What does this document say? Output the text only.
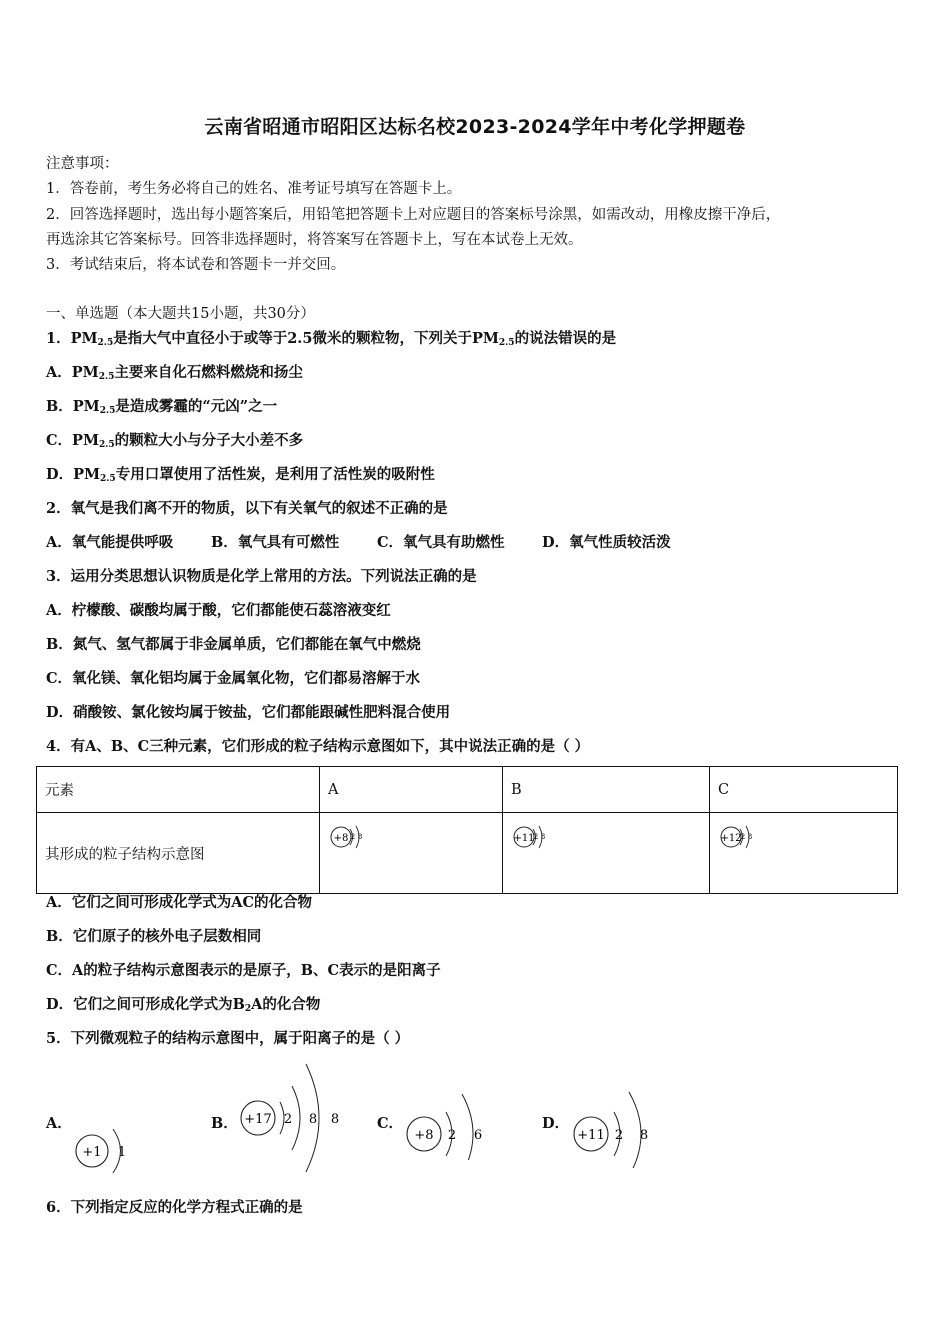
云南省昭通市昭阳区达标名校2023-2024学年中考化学押题卷
注意事项：
1．答卷前，考生务必将自己的姓名、准考证号填写在答题卡上。
2．回答选择题时，选出每小题答案后，用铅笔把答题卡上对应题目的答案标号涂黑，如需改动，用橡皮擦干净后，
再选涂其它答案标号。回答非选择题时，将答案写在答题卡上，写在本试卷上无效。
3．考试结束后，将本试卷和答题卡一并交回。
一、单选题（本大题共15小题，共30分）
1．$PM_{2.5}$是指大气中直径小于或等于2.5微米的颗粒物，下列关于$PM_{2.5}$的说法错误的是
A．$PM_{2.5}$主要来自化石燃料燃烧和扬尘
B．$PM_{2.5}$是造成雾霾的“元凶”之一
C．$PM_{2.5}$的颗粒大小与分子大小差不多
D．$PM_{2.5}$专用口罩使用了活性炭，是利用了活性炭的吸附性
2．氧气是我们离不开的物质，以下有关氧气的叙述不正确的是
A．氧气能提供呼吸	B．氧气具有可燃性	C．氧气具有助燃性	D．氧气性质较活泼
3．运用分类思想认识物质是化学上常用的方法。下列说法正确的是
A．柠檬酸、碳酸均属于酸，它们都能使石蕊溶液变红
B．氮气、氢气都属于非金属单质，它们都能在氧气中燃烧
C．氧化镁、氧化铝均属于金属氧化物，它们都易溶解于水
D．硝酸铵、氯化铵均属于铵盐，它们都能跟碱性肥料混合使用
4．有A、B、C三种元素，它们形成的粒子结构示意图如下，其中说法正确的是（ ）
元素	A	B	C
其形成的粒子结构示意图	+8 2 8	+11 2 8	+12 2 8
A．它们之间可形成化学式为AC的化合物
B．它们原子的核外电子层数相同
C．A的粒子结构示意图表示的是原子，B、C表示的是阳离子
D．它们之间可形成化学式为$B_2A$的化合物
5．下列微观粒子的结构示意图中，属于阳离子的是（ ）
A．
+1 1
B． +17 2 8 8	C．
+8 2 6
D．
+11 2 8
6．下列指定反应的化学方程式正确的是
